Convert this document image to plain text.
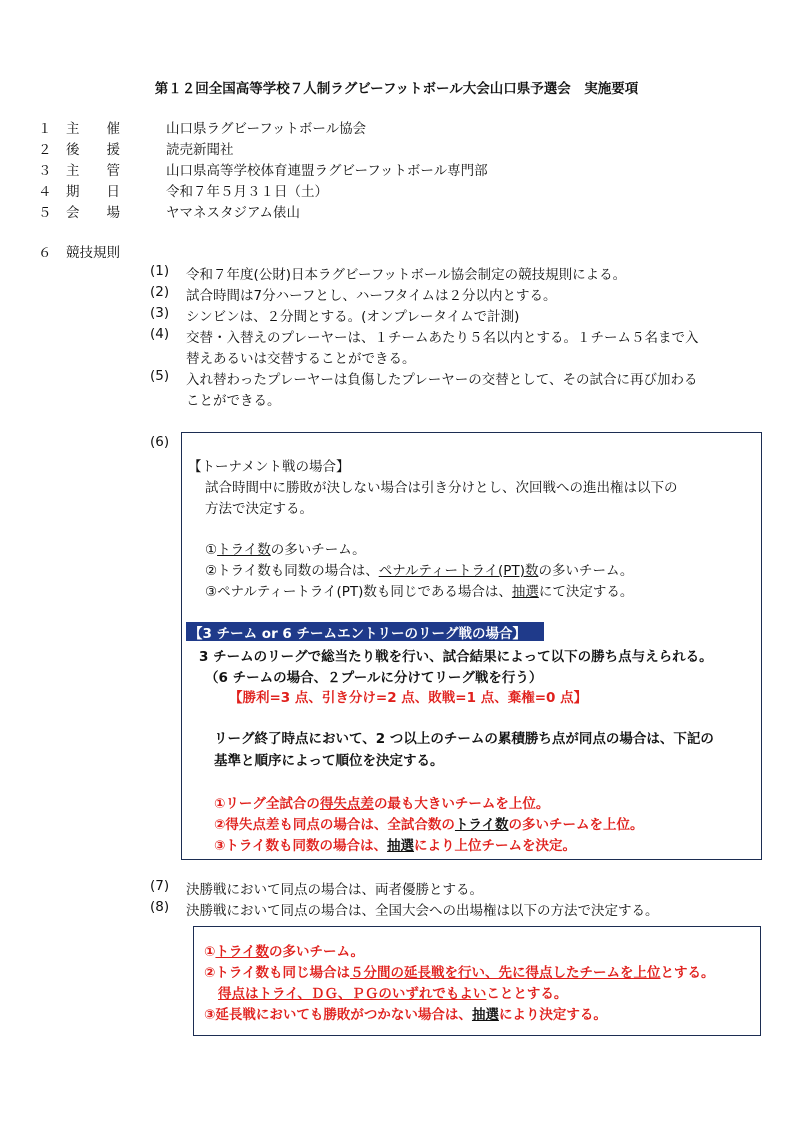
第１２回全国高等学校７人制ラグビーフットボール大会山口県予選会　実施要項
１	主　　催	山口県ラグビーフットボール協会
２	後　　援	読売新聞社
３	主　　管	山口県高等学校体育連盟ラグビーフットボール専門部
４	期　　日	令和７年５月３１日（土）
５	会　　場	ヤマネスタジアム俵山
６	競技規則
(1)	令和７年度(公財)日本ラグビーフットボール協会制定の競技規則による。
(2)	試合時間は7分ハーフとし、ハーフタイムは２分以内とする。
(3)	シンビンは、２分間とする。(オンプレータイムで計測)
(4)	交替・入替えのプレーヤーは、１チームあたり５名以内とする。１チーム５名まで入
替えあるいは交替することができる。
(5)	入れ替わったプレーヤーは負傷したプレーヤーの交替として、その試合に再び加わる
ことができる。
(6)
【トーナメント戦の場合】
試合時間中に勝敗が決しない場合は引き分けとし、次回戦への進出権は以下の
方法で決定する。
①トライ数の多いチーム。
②トライ数も同数の場合は、ペナルティートライ(PT)数の多いチーム。
③ペナルティートライ(PT)数も同じである場合は、抽選にて決定する。
【3 チーム or 6 チームエントリーのリーグ戦の場合】
3 チームのリーグで総当たり戦を行い、試合結果によって以下の勝ち点与えられる。
（6 チームの場合、２プールに分けてリーグ戦を行う）
【勝利=3 点、引き分け=2 点、敗戦=1 点、棄権=0 点】
リーグ終了時点において、2 つ以上のチームの累積勝ち点が同点の場合は、下記の
基準と順序によって順位を決定する。
①リーグ全試合の得失点差の最も大きいチームを上位。
②得失点差も同点の場合は、全試合数のトライ数の多いチームを上位。
③トライ数も同数の場合は、抽選により上位チームを決定。
(7)	決勝戦において同点の場合は、両者優勝とする。
(8)	決勝戦において同点の場合は、全国大会への出場権は以下の方法で決定する。
①トライ数の多いチーム。
②トライ数も同じ場合は５分間の延長戦を行い、先に得点したチームを上位とする。
得点はトライ、ＤＧ、ＰＧのいずれでもよいこととする。
③延長戦においても勝敗がつかない場合は、抽選により決定する。
